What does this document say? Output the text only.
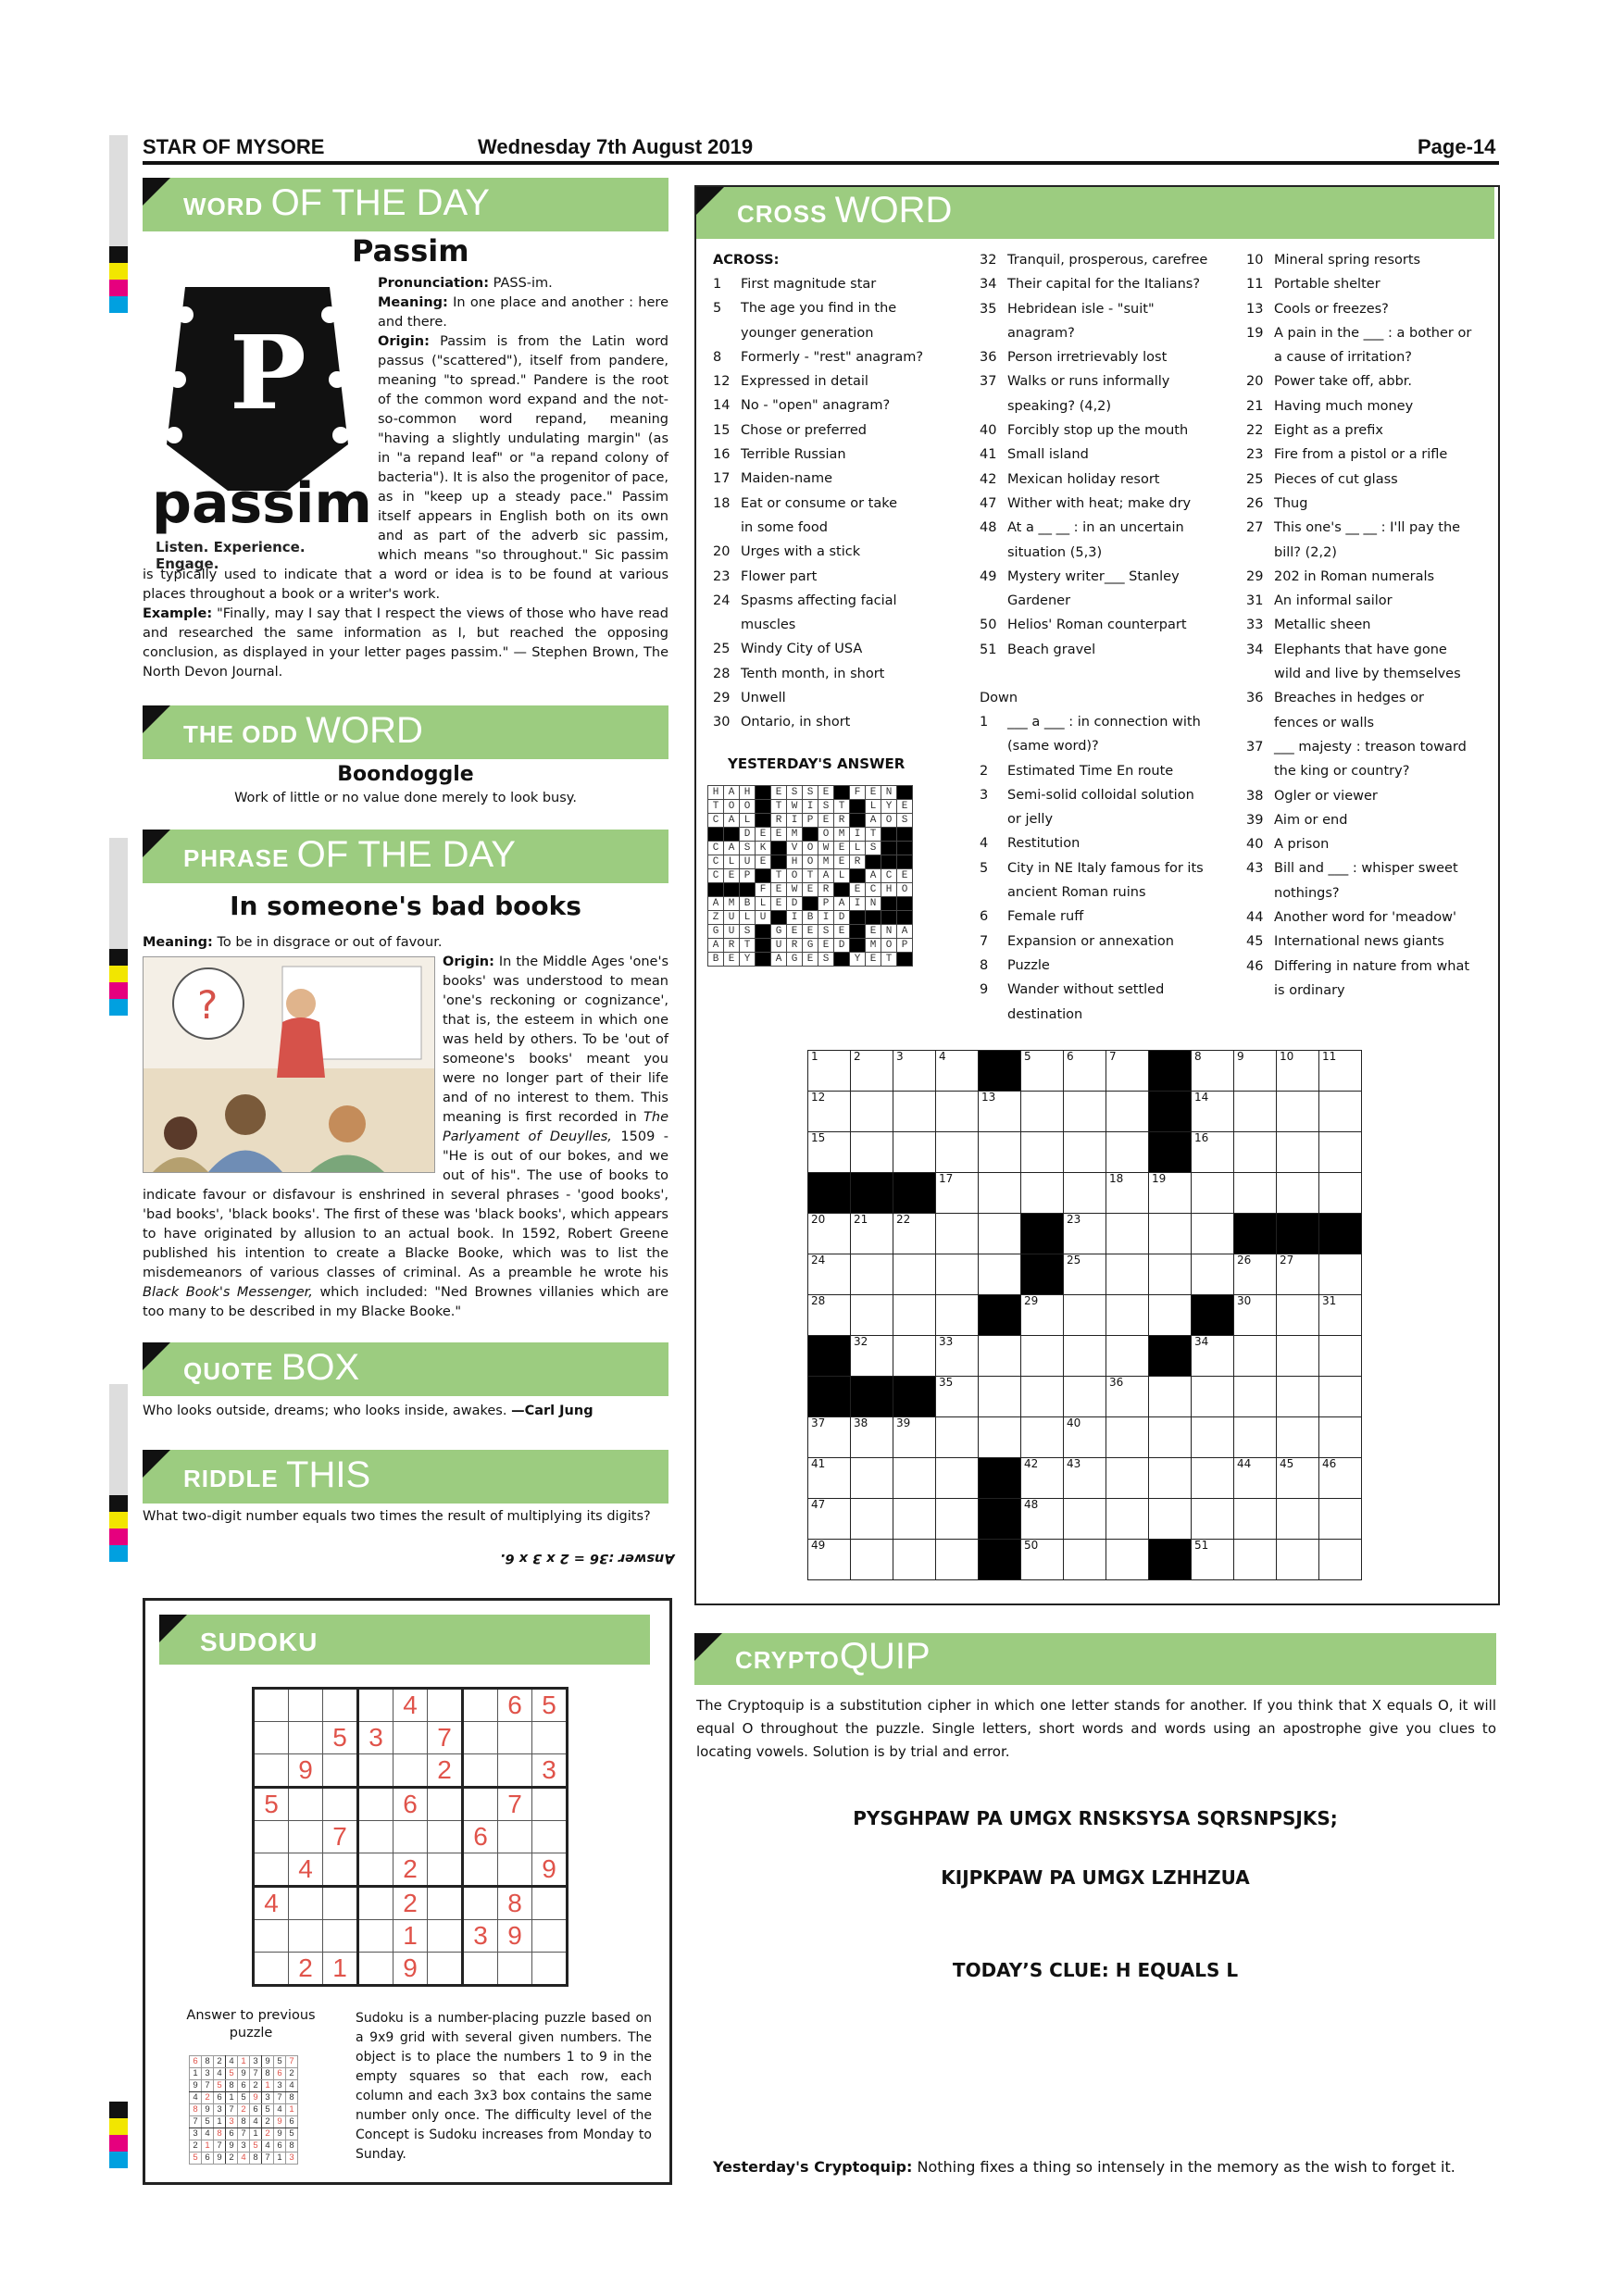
STAR OF MYSORE	Wednesday 7th August 2019	Page-14
WORD OF THE DAY
Passim
P
passim
Listen. Experience. Engage.
Pronunciation: PASS-im.
Meaning: In one place and another : here and there.
Origin: Passim is from the Latin word passus ("scattered"), itself from pandere, meaning "to spread." Pandere is the root of the common word expand and the not-so-common word repand, meaning "having a slightly undulating margin" (as in "a repand leaf" or "a repand colony of bacteria"). It is also the progenitor of pace, as in "keep up a steady pace." Passim itself appears in English both on its own and as part of the adverb sic passim, which means "so throughout." Sic passim is typically used to indicate that a word or idea is to be found at various places throughout a book or a writer's work.
Example: "Finally, may I say that I respect the views of those who have read and researched the same information as I, but reached the opposing conclusion, as displayed in your letter pages passim." — Stephen Brown, The North Devon Journal.
THE ODD WORD
Boondoggle
Work of little or no value done merely to look busy.
PHRASE OF THE DAY
In someone's bad books
Meaning: To be in disgrace or out of favour.

?
Origin: In the Middle Ages 'one's books' was understood to mean 'one's reckoning or cognizance', that is, the esteem in which one was held by others. To be 'out of someone's books' meant you were no longer part of their life and of no interest to them. This meaning is first recorded in The Parlyament of Deuylles, 1509 - "He is out of our bokes, and we out of his". The use of books to indicate favour or disfavour is enshrined in several phrases - 'good books', 'bad books', 'black books'. The first of these was 'black books', which appears to have originated by allusion to an actual book. In 1592, Robert Greene published his intention to create a Blacke Booke, which was to list the misdemeanors of various classes of criminal. As a preamble he wrote his Black Book's Messenger, which included: "Ned Brownes villanies which are too many to be described in my Blacke Booke."
QUOTE BOX
Who looks outside, dreams; who looks inside, awakes. —Carl Jung
RIDDLE THIS
What two-digit number equals two times the result of multiplying its digits?
Answer :36 = 2 x 3 x 6.
SUDOKU
				4			6	5
		5	3		7			
	9				2			3
5				6			7	
		7				6		
	4			2				9
4				2			8	
				1		3	9	
	2	1		9				
Answer to previous puzzle
6	8	2	4	1	3	9	5	7
1	3	4	5	9	7	8	6	2
9	7	5	8	6	2	1	3	4
4	2	6	1	5	9	3	7	8
8	9	3	7	2	6	5	4	1
7	5	1	3	8	4	2	9	6
3	4	8	6	7	1	2	9	5
2	1	7	9	3	5	4	6	8
5	6	9	2	4	8	7	1	3
Sudoku is a number-placing puzzle based on a 9x9 grid with several given numbers. The object is to place the numbers 1 to 9 in the empty squares so that each row, each column and each 3x3 box contains the same number only once. The difficulty level of the Concept is Sudoku increases from Monday to Sunday.
CROSS WORD
ACROSS:
1 First magnitude star
5 The age you find in the
younger generation
8 Formerly - "rest" anagram?
12 Expressed in detail
14 No - "open" anagram?
15 Chose or preferred
16 Terrible Russian
17 Maiden-name
18 Eat or consume or take
in some food
20 Urges with a stick
23 Flower part
24 Spasms affecting facial
muscles
25 Windy City of USA
28 Tenth month, in short
29 Unwell
30 Ontario, in short
32 Tranquil, prosperous, carefree
34 Their capital for the Italians?
35 Hebridean isle - "suit"
anagram?
36 Person irretrievably lost
37 Walks or runs informally
speaking? (4,2)
40 Forcibly stop up the mouth
41 Small island
42 Mexican holiday resort
47 Wither with heat; make dry
48 At a __ __ : in an uncertain
situation (5,3)
49 Mystery writer___ Stanley
Gardener
50 Helios' Roman counterpart
51 Beach gravel
Down
1 ___ a ___ : in connection with
(same word)?
2 Estimated Time En route
3 Semi-solid colloidal solution
or jelly
4 Restitution
5 City in NE Italy famous for its
ancient Roman ruins
6 Female ruff
7 Expansion or annexation
8 Puzzle
9 Wander without settled
destination
10 Mineral spring resorts
11 Portable shelter
13 Cools or freezes?
19 A pain in the ___ : a bother or
a cause of irritation?
20 Power take off, abbr.
21 Having much money
22 Eight as a prefix
23 Fire from a pistol or a rifle
25 Pieces of cut glass
26 Thug
27 This one's __ __ : I'll pay the
bill? (2,2)
29 202 in Roman numerals
31 An informal sailor
33 Metallic sheen
34 Elephants that have gone
wild and live by themselves
36 Breaches in hedges or
fences or walls
37 ___ majesty : treason toward
the king or country?
38 Ogler or viewer
39 Aim or end
40 A prison
43 Bill and ___ : whisper sweet
nothings?
44 Another word for 'meadow'
45 International news giants
46 Differing in nature from what
is ordinary
YESTERDAY'S ANSWER
H	A	H		E	S	S	E		F	E	N	
T	O	O		T	W	I	S	T		L	Y	E
C	A	L		R	I	P	E	R		A	O	S
		D	E	E	M		O	M	I	T		
C	A	S	K		V	O	W	E	L	S		
C	L	U	E		H	O	M	E	R			
C	E	P		T	O	T	A	L		A	C	E
			F	E	W	E	R		E	C	H	O
A	M	B	L	E	D		P	A	I	N		
Z	U	L	U		I	B	I	D				
G	U	S		G	E	E	S	E		E	N	A
A	R	T		U	R	G	E	D		M	O	P
B	E	Y		A	G	E	S		Y	E	T	
1	2	3	4		5	6	7		8	9	10	11
12				13					14			
15									16			
			17				18	19				
20	21	22				23						
24						25				26	27	
28					29					30		31
	32		33						34			
			35				36					
37	38	39				40						
41					42	43				44	45	46
47					48							
49					50				51			
CRYPTOQUIP
The Cryptoquip is a substitution cipher in which one letter stands for another. If you think that X equals O, it will equal O throughout the puzzle. Single letters, short words and words using an apostrophe give you clues to locating vowels. Solution is by trial and error.
PYSGHPAW PA UMGX RNSKSYSA SQRSNPSJKS;
KIJPKPAW PA UMGX LZHHZUA
TODAY’S CLUE: H EQUALS L
Yesterday's Cryptoquip: Nothing fixes a thing so intensely in the memory as the wish to forget it.
